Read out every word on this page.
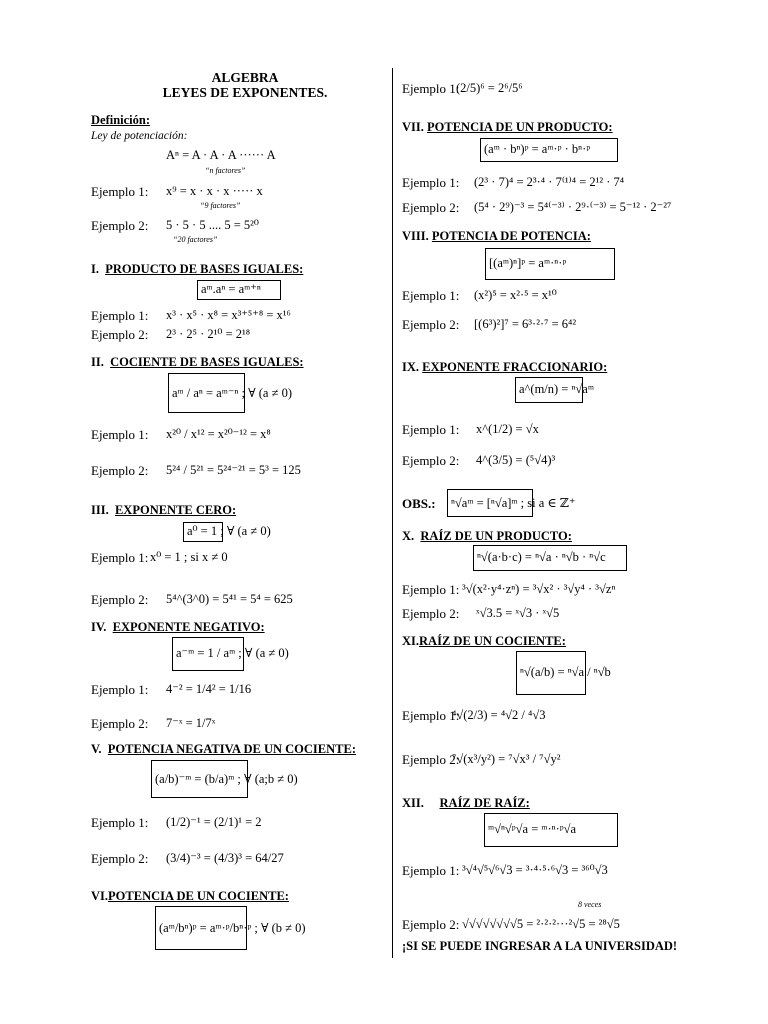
ALGEBRA
LEYES DE EXPONENTES.
Definición:
Ley de potenciación:
Aⁿ = A · A · A ······ A
“n factores”
Ejemplo 1: x⁹ = x · x · x ····· x
“9 factores”
Ejemplo 2: 5 · 5 · 5 .... 5 = 5²⁰
“20 factores”
I. PRODUCTO DE BASES IGUALES:
aᵐ.aⁿ = aᵐ⁺ⁿ
Ejemplo 1: x³ · x⁵ · x⁸ = x³⁺⁵⁺⁸ = x¹⁶
Ejemplo 2: 2³ · 2⁵ · 2¹⁰ = 2¹⁸
II. COCIENTE DE BASES IGUALES:
aᵐ / aⁿ = aᵐ⁻ⁿ ; ∀ (a ≠ 0)
Ejemplo 1: x²⁰ / x¹² = x²⁰⁻¹² = x⁸
Ejemplo 2: 5²⁴ / 5²¹ = 5²⁴⁻²¹ = 5³ = 125
III. EXPONENTE CERO:
a⁰ = 1 ; ∀ (a ≠ 0)
Ejemplo 1: x⁰ = 1 ; si x ≠ 0
Ejemplo 2: 5⁴^(3^0) = 5⁴¹ = 5⁴ = 625
IV. EXPONENTE NEGATIVO:
a⁻ᵐ = 1 / aᵐ ; ∀ (a ≠ 0)
Ejemplo 1: 4⁻² = 1/4² = 1/16
Ejemplo 2: 7⁻ˣ = 1/7ˣ
V. POTENCIA NEGATIVA DE UN COCIENTE:
(a/b)⁻ᵐ = (b/a)ᵐ ; ∀ (a;b ≠ 0)
Ejemplo 1: (1/2)⁻¹ = (2/1)¹ = 2
Ejemplo 2: (3/4)⁻³ = (4/3)³ = 64/27
VI.POTENCIA DE UN COCIENTE:
(aᵐ/bⁿ)ᵖ = aᵐ·ᵖ/bⁿ·ᵖ ; ∀ (b ≠ 0)
Ejemplo 1:
(2/5)⁶ = 2⁶/5⁶
VII. POTENCIA DE UN PRODUCTO:
(aᵐ · bⁿ)ᵖ = aᵐ·ᵖ · bⁿ·ᵖ
Ejemplo 1: (2³ · 7)⁴ = 2³·⁴ · 7⁽¹⁾⁴ = 2¹² · 7⁴
Ejemplo 2: (5⁴ · 2⁹)⁻³ = 5⁴⁽⁻³⁾ · 2⁹·⁽⁻³⁾ = 5⁻¹² · 2⁻²⁷
VIII. POTENCIA DE POTENCIA:
[(aᵐ)ⁿ]ᵖ = aᵐ·ⁿ·ᵖ
Ejemplo 1: (x²)⁵ = x²·⁵ = x¹⁰
Ejemplo 2: [(6³)²]⁷ = 6³·²·⁷ = 6⁴²
IX. EXPONENTE FRACCIONARIO:
a^(m/n) = ⁿ√aᵐ
Ejemplo 1: x^(1/2) = √x
Ejemplo 2: 4^(3/5) = (⁵√4)³
OBS.: ⁿ√aᵐ = [ⁿ√a]ᵐ ; si a ∈ ℤ⁺
X. RAÍZ DE UN PRODUCTO:
ⁿ√(a·b·c) = ⁿ√a · ⁿ√b · ⁿ√c
Ejemplo 1: ³√(x²·y⁴·zⁿ) = ³√x² · ³√y⁴ · ³√zⁿ
Ejemplo 2: ˣ√3.5 = ˣ√3 · ˣ√5
XI.RAÍZ DE UN COCIENTE:
ⁿ√(a/b) = ⁿ√a / ⁿ√b
Ejemplo 1:
⁴√(2/3) = ⁴√2 / ⁴√3
Ejemplo 2:
⁷√(x³/y²) = ⁷√x³ / ⁷√y²
XII. RAÍZ DE RAÍZ:
ᵐ√ⁿ√ᵖ√a = ᵐ·ⁿ·ᵖ√a
Ejemplo 1: ³√⁴√⁵√⁶√3 = ³·⁴·⁵·⁶√3 = ³⁶⁰√3
8 veces
Ejemplo 2: √√√√√√√√5 = ²·²·²···²√5 = ²⁸√5
¡SI SE PUEDE INGRESAR A LA UNIVERSIDAD!
